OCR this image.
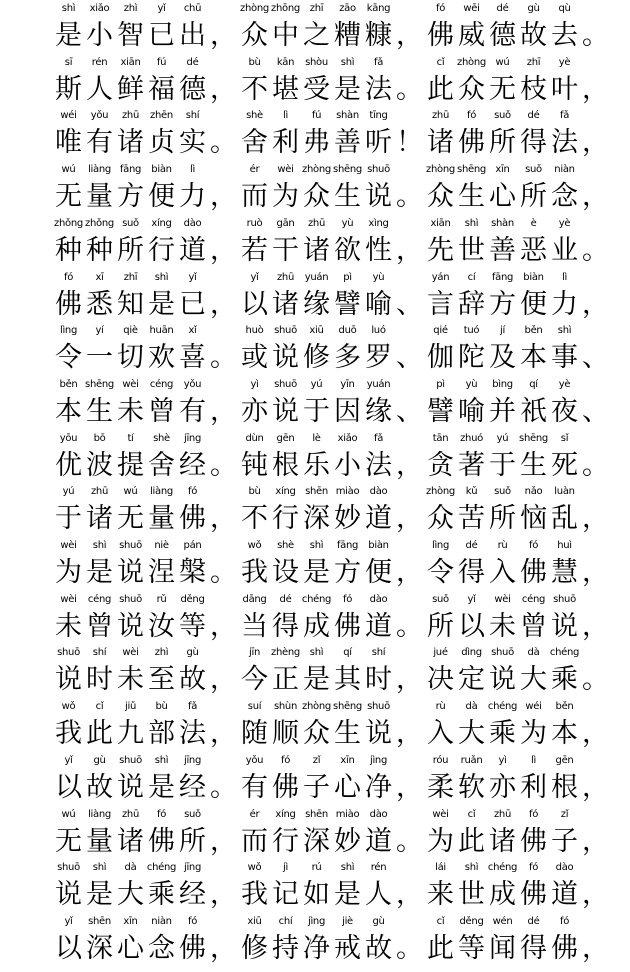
shì
是
xiǎo
小
zhì
智
yǐ
已
chū
出 ，
zhòng
众
zhōng
中
zhī
之
zāo
糟
kāng
糠 ，
fó
佛
wēi
威
dé
德
gù
故
qù
去 。
sī
斯
rén
人
xiān
鲜
fú
福
dé
德 ，
bù
不
kān
堪
shòu
受
shì
是
fǎ
法 。
cǐ
此
zhòng
众
wú
无
zhī
枝
yè
叶 ，
wéi
唯
yǒu
有
zhū
诸
zhēn
贞
shí
实 。
shè
舍
lì
利
fú
弗
shàn
善
tīng
听 ！
zhū
诸
fó
佛
suǒ
所
dé
得
fǎ
法 ，
wú
无
liàng
量
fāng
方
biàn
便
lì
力 ，
ér
而
wèi
为
zhòng
众
shēng
生
shuō
说 。
zhòng
众
shēng
生
xīn
心
suǒ
所
niàn
念 ，
zhǒng
种
zhǒng
种
suǒ
所
xíng
行
dào
道 ，
ruò
若
gān
干
zhū
诸
yù
欲
xìng
性 ，
xiān
先
shì
世
shàn
善
è
恶
yè
业 。
fó
佛
xī
悉
zhī
知
shì
是
yǐ
已 ，
yǐ
以
zhū
诸
yuán
缘
pì
譬
yù
喻 、
yán
言
cí
辞
fāng
方
biàn
便
lì
力 ，
lìng
令
yí
一
qiè
切
huān
欢
xǐ
喜 。
huò
或
shuō
说
xiū
修
duō
多
luó
罗 、
qié
伽
tuó
陀
jí
及
běn
本
shì
事 、
běn
本
shēng
生
wèi
未
céng
曾
yǒu
有 ，
yì
亦
shuō
说
yú
于
yīn
因
yuán
缘 、
pì
譬
yù
喻
bìng
并
qí
祇
yè
夜 、
yōu
优
bō
波
tí
提
shè
舍
jīng
经 。
dùn
钝
gēn
根
lè
乐
xiǎo
小
fǎ
法 ，
tān
贪
zhuó
著
yú
于
shēng
生
sǐ
死 。
yú
于
zhū
诸
wú
无
liàng
量
fó
佛 ，
bù
不
xíng
行
shēn
深
miào
妙
dào
道 ，
zhòng
众
kǔ
苦
suǒ
所
nǎo
恼
luàn
乱 ，
wèi
为
shì
是
shuō
说
niè
涅
pán
槃 。
wǒ
我
shè
设
shì
是
fāng
方
biàn
便 ，
lìng
令
dé
得
rù
入
fó
佛
huì
慧 ，
wèi
未
céng
曾
shuō
说
rǔ
汝
děng
等 ，
dāng
当
dé
得
chéng
成
fó
佛
dào
道 。
suǒ
所
yǐ
以
wèi
未
céng
曾
shuō
说 ，
shuō
说
shí
时
wèi
未
zhì
至
gù
故 ，
jīn
今
zhèng
正
shì
是
qí
其
shí
时 ，
jué
决
dìng
定
shuō
说
dà
大
chéng
乘 。
wǒ
我
cǐ
此
jiǔ
九
bù
部
fǎ
法 ，
suí
随
shùn
顺
zhòng
众
shēng
生
shuō
说 ，
rù
入
dà
大
chéng
乘
wéi
为
běn
本 ，
yǐ
以
gù
故
shuō
说
shì
是
jīng
经 。
yǒu
有
fó
佛
zǐ
子
xīn
心
jìng
净 ，
róu
柔
ruǎn
软
yì
亦
lì
利
gēn
根 ，
wú
无
liàng
量
zhū
诸
fó
佛
suǒ
所 ，
ér
而
xíng
行
shēn
深
miào
妙
dào
道 。
wèi
为
cǐ
此
zhū
诸
fó
佛
zǐ
子 ，
shuō
说
shì
是
dà
大
chéng
乘
jīng
经 ，
wǒ
我
jì
记
rú
如
shì
是
rén
人 ，
lái
来
shì
世
chéng
成
fó
佛
dào
道 ，
yǐ
以
shēn
深
xīn
心
niàn
念
fó
佛 ，
xiū
修
chí
持
jìng
净
jiè
戒
gù
故 。
cǐ
此
děng
等
wén
闻
dé
得
fó
佛 ，
